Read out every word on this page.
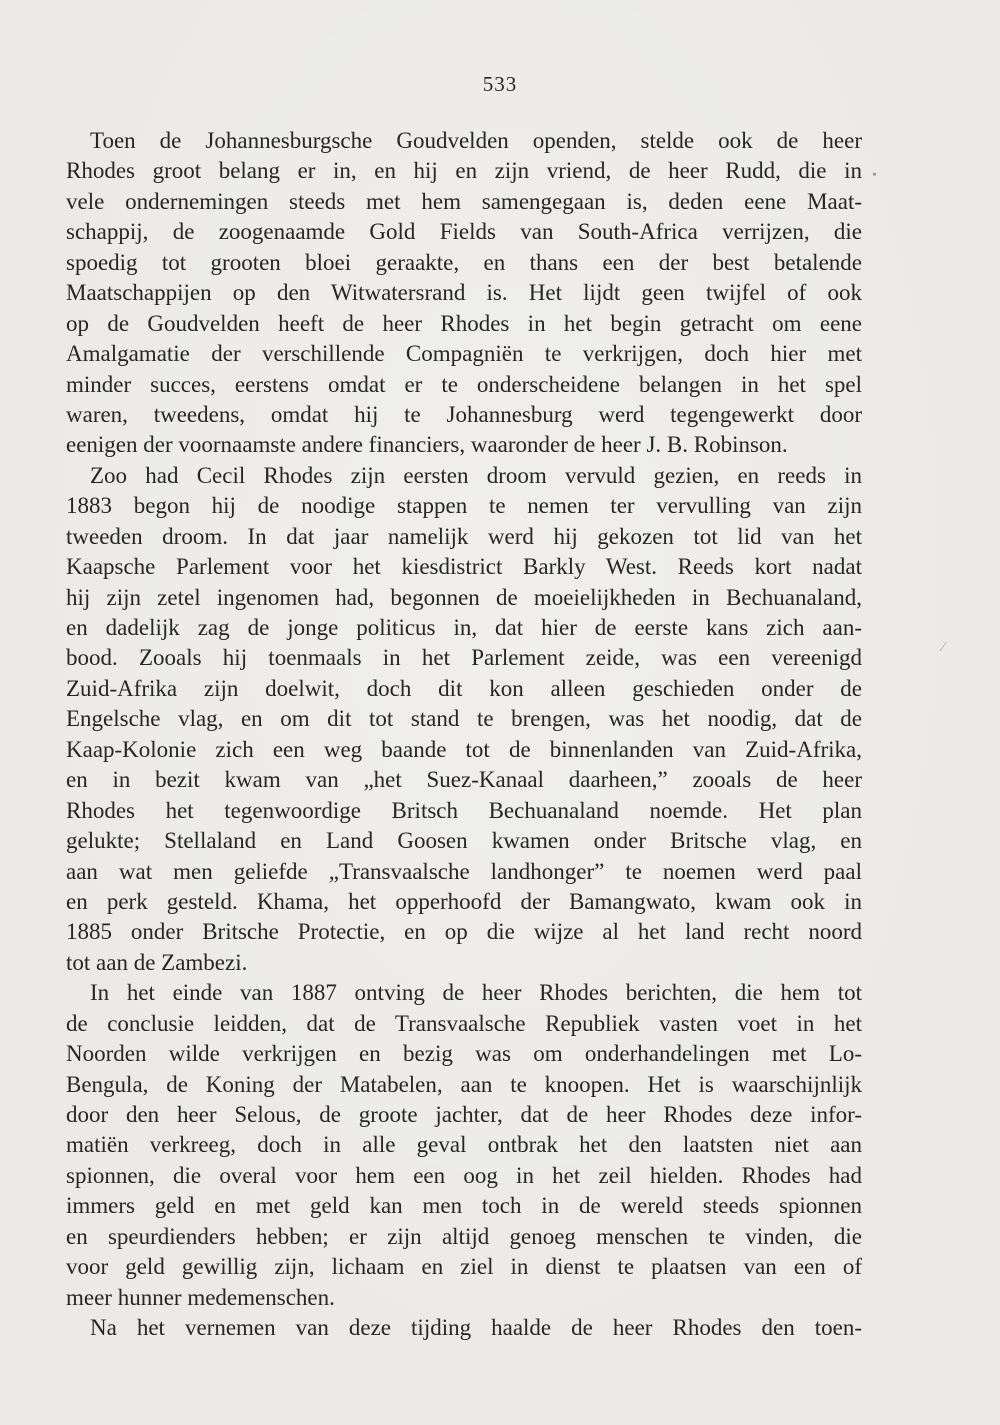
533
Toen de Johannesburgsche Goudvelden openden, stelde ook de heer
Rhodes groot belang er in, en hij en zijn vriend, de heer Rudd, die in
vele ondernemingen steeds met hem samengegaan is, deden eene Maat-
schappij, de zoogenaamde Gold Fields van South-Africa verrijzen, die
spoedig tot grooten bloei geraakte, en thans een der best betalende
Maatschappijen op den Witwatersrand is. Het lijdt geen twijfel of ook
op de Goudvelden heeft de heer Rhodes in het begin getracht om eene
Amalgamatie der verschillende Compagniën te verkrijgen, doch hier met
minder succes, eerstens omdat er te onderscheidene belangen in het spel
waren, tweedens, omdat hij te Johannesburg werd tegengewerkt door
eenigen der voornaamste andere financiers, waaronder de heer J. B. Robinson.
Zoo had Cecil Rhodes zijn eersten droom vervuld gezien, en reeds in
1883 begon hij de noodige stappen te nemen ter vervulling van zijn
tweeden droom. In dat jaar namelijk werd hij gekozen tot lid van het
Kaapsche Parlement voor het kiesdistrict Barkly West. Reeds kort nadat
hij zijn zetel ingenomen had, begonnen de moeielijkheden in Bechuanaland,
en dadelijk zag de jonge politicus in, dat hier de eerste kans zich aan-
bood. Zooals hij toenmaals in het Parlement zeide, was een vereenigd
Zuid-Afrika zijn doelwit, doch dit kon alleen geschieden onder de
Engelsche vlag, en om dit tot stand te brengen, was het noodig, dat de
Kaap-Kolonie zich een weg baande tot de binnenlanden van Zuid-Afrika,
en in bezit kwam van „het Suez-Kanaal daarheen,” zooals de heer
Rhodes het tegenwoordige Britsch Bechuanaland noemde. Het plan
gelukte; Stellaland en Land Goosen kwamen onder Britsche vlag, en
aan wat men geliefde „Transvaalsche landhonger” te noemen werd paal
en perk gesteld. Khama, het opperhoofd der Bamangwato, kwam ook in
1885 onder Britsche Protectie, en op die wijze al het land recht noord
tot aan de Zambezi.
In het einde van 1887 ontving de heer Rhodes berichten, die hem tot
de conclusie leidden, dat de Transvaalsche Republiek vasten voet in het
Noorden wilde verkrijgen en bezig was om onderhandelingen met Lo-
Bengula, de Koning der Matabelen, aan te knoopen. Het is waarschijnlijk
door den heer Selous, de groote jachter, dat de heer Rhodes deze infor-
matiën verkreeg, doch in alle geval ontbrak het den laatsten niet aan
spionnen, die overal voor hem een oog in het zeil hielden. Rhodes had
immers geld en met geld kan men toch in de wereld steeds spionnen
en speurdienders hebben; er zijn altijd genoeg menschen te vinden, die
voor geld gewillig zijn, lichaam en ziel in dienst te plaatsen van een of
meer hunner medemenschen.
Na het vernemen van deze tijding haalde de heer Rhodes den toen-
•
⁄
